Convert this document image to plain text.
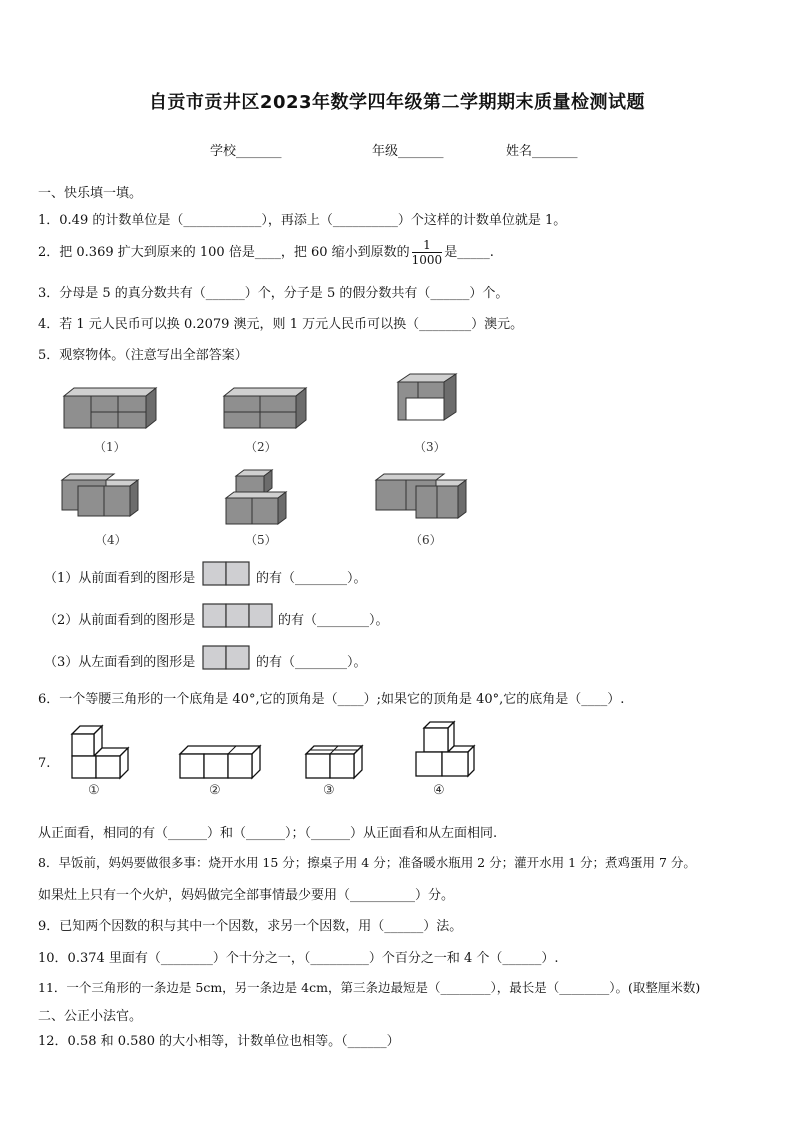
自贡市贡井区2023年数学四年级第二学期期末质量检测试题
学校_______	年级_______	姓名_______
一、快乐填一填。
1．0.49 的计数单位是（____________），再添上（__________）个这样的计数单位就是 1。
2．把 0.369 扩大到原来的 100 倍是____，把 60 缩小到原数的 $\frac{1}{1000}$ 是_____.
3．分母是 5 的真分数共有（______）个，分子是 5 的假分数共有（______）个。
4．若 1 元人民币可以换 0.2079 澳元，则 1 万元人民币可以换（________）澳元。
5．观察物体。（注意写出全部答案）
（1）	（2）	（3）
（4）	（5）	（6）
（1）从前面看到的图形是	的有（________）。
（2）从前面看到的图形是	的有（________）。
（3）从左面看到的图形是	的有（________）。
6．一个等腰三角形的一个底角是 40°,它的顶角是（____）;如果它的顶角是 40°,它的底角是（____）.
7.
①	②	③	④
从正面看，相同的有（______）和（______）；（______）从正面看和从左面相同.
8．早饭前，妈妈要做很多事：烧开水用 15 分；擦桌子用 4 分；准备暖水瓶用 2 分；灌开水用 1 分；煮鸡蛋用 7 分。
如果灶上只有一个火炉，妈妈做完全部事情最少要用（__________）分。
9．已知两个因数的积与其中一个因数，求另一个因数，用（______）法。
10．0.374 里面有（________）个十分之一，（_________）个百分之一和 4 个（______）.
11．一个三角形的一条边是 5cm，另一条边是 4cm，第三条边最短是（________），最长是（________）。(取整厘米数)
二、公正小法官。
12．0.58 和 0.580 的大小相等，计数单位也相等。（______）
